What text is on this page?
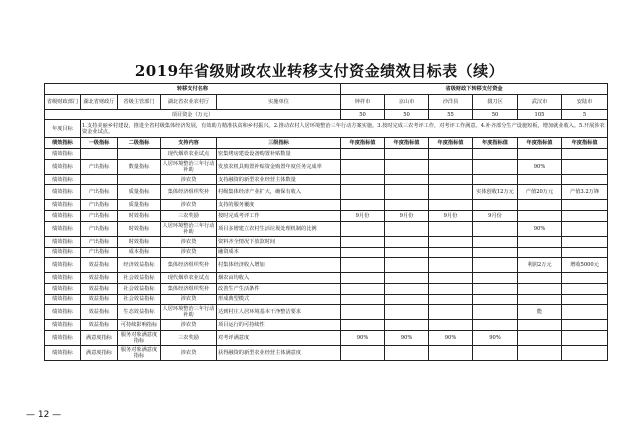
2019年省级财政农业转移支付资金绩效目标表（续）
转移支付名称					省级财政下转移支付资金					
省级财政部门	湖北省财政厅	省级主管部门	湖北省农业农村厅	实施单位	钟祥市	京山市	沙洋县	掇刀区	武汉市	安陆市
项目资金（万元）					50	50	55	50	105	5
年度目标	1.支持美丽乡村建设，推进全省村级集体经济发展，有效助力精准扶贫和乡村振兴。2.推动农村人居环境整治三年行动方案实施。3.按时完成三农考评工作，对考评工作满意。4.补齐部分生产设施短板，增加就业收入。5.开展涉农资金业试点。									
绩效指标	一级指标	二级指标	支持内容	三级指标	年度指标值	年度指标值	年度指标值	年度指标值	年度指标值	年度指标值
绩效指标			现代烟草农业试点	密集烤房建设设备购置补贴数量						
绩效指标	产出指标	数量指标	人居环境整治三年行动补助	发放农机具购置补贴资金购置年度任务完成率					90%	
绩效指标			涉农贷	支持融资的新型农业经营主体数量						
绩效指标	产出指标	质量指标	集体经济组织奖补	村级集体经济产业扩大，确保有收入				实体创收12万元	产值20万元	产值3.2万锋
绩效指标	产出指标	质量指标	涉农贷	支持的服务覆度						
绩效指标	产出指标	时效指标	三农奖励	按时完成考评工作	9月份	9月份	9月份	9月份		
绩效指标	产出指标	时效指标	人居环境整治三年行动补助	项目多增建立农村生活垃圾处理机制的比例					90%	
绩效指标	产出指标	时效指标	涉农贷	资料齐全情况下放款时间						
绩效指标	产出指标	成本指标	涉农贷	融资成本						
绩效指标	效益指标	经济效益指标	集体经济组织奖补	村集体经济收入增加					利润2万元	增收5000元
绩效指标	效益指标	社会效益指标	现代烟草农业试点	烟农亩均收入						
绩效指标	效益指标	社会效益指标	集体经济组织奖补	改善生产生活条件						
绩效指标	效益指标	社会效益指标	涉农贷	形成典型模式						
绩效指标	效益指标	生态效益指标	人居环境整治三年行动补助	达到村庄人居环境基本干净整洁要求					能	
绩效指标	效益指标	可持续影响指标	涉农贷	项目运行的可持续性						
绩效指标	满意度指标	服务对象满意度指标	三农奖励	对考评满意度	90%	90%	90%	90%		
绩效指标	满意度指标	服务对象满意度指标	涉农贷	获得融资的新型农业经营主体满意度						
— 12 —
